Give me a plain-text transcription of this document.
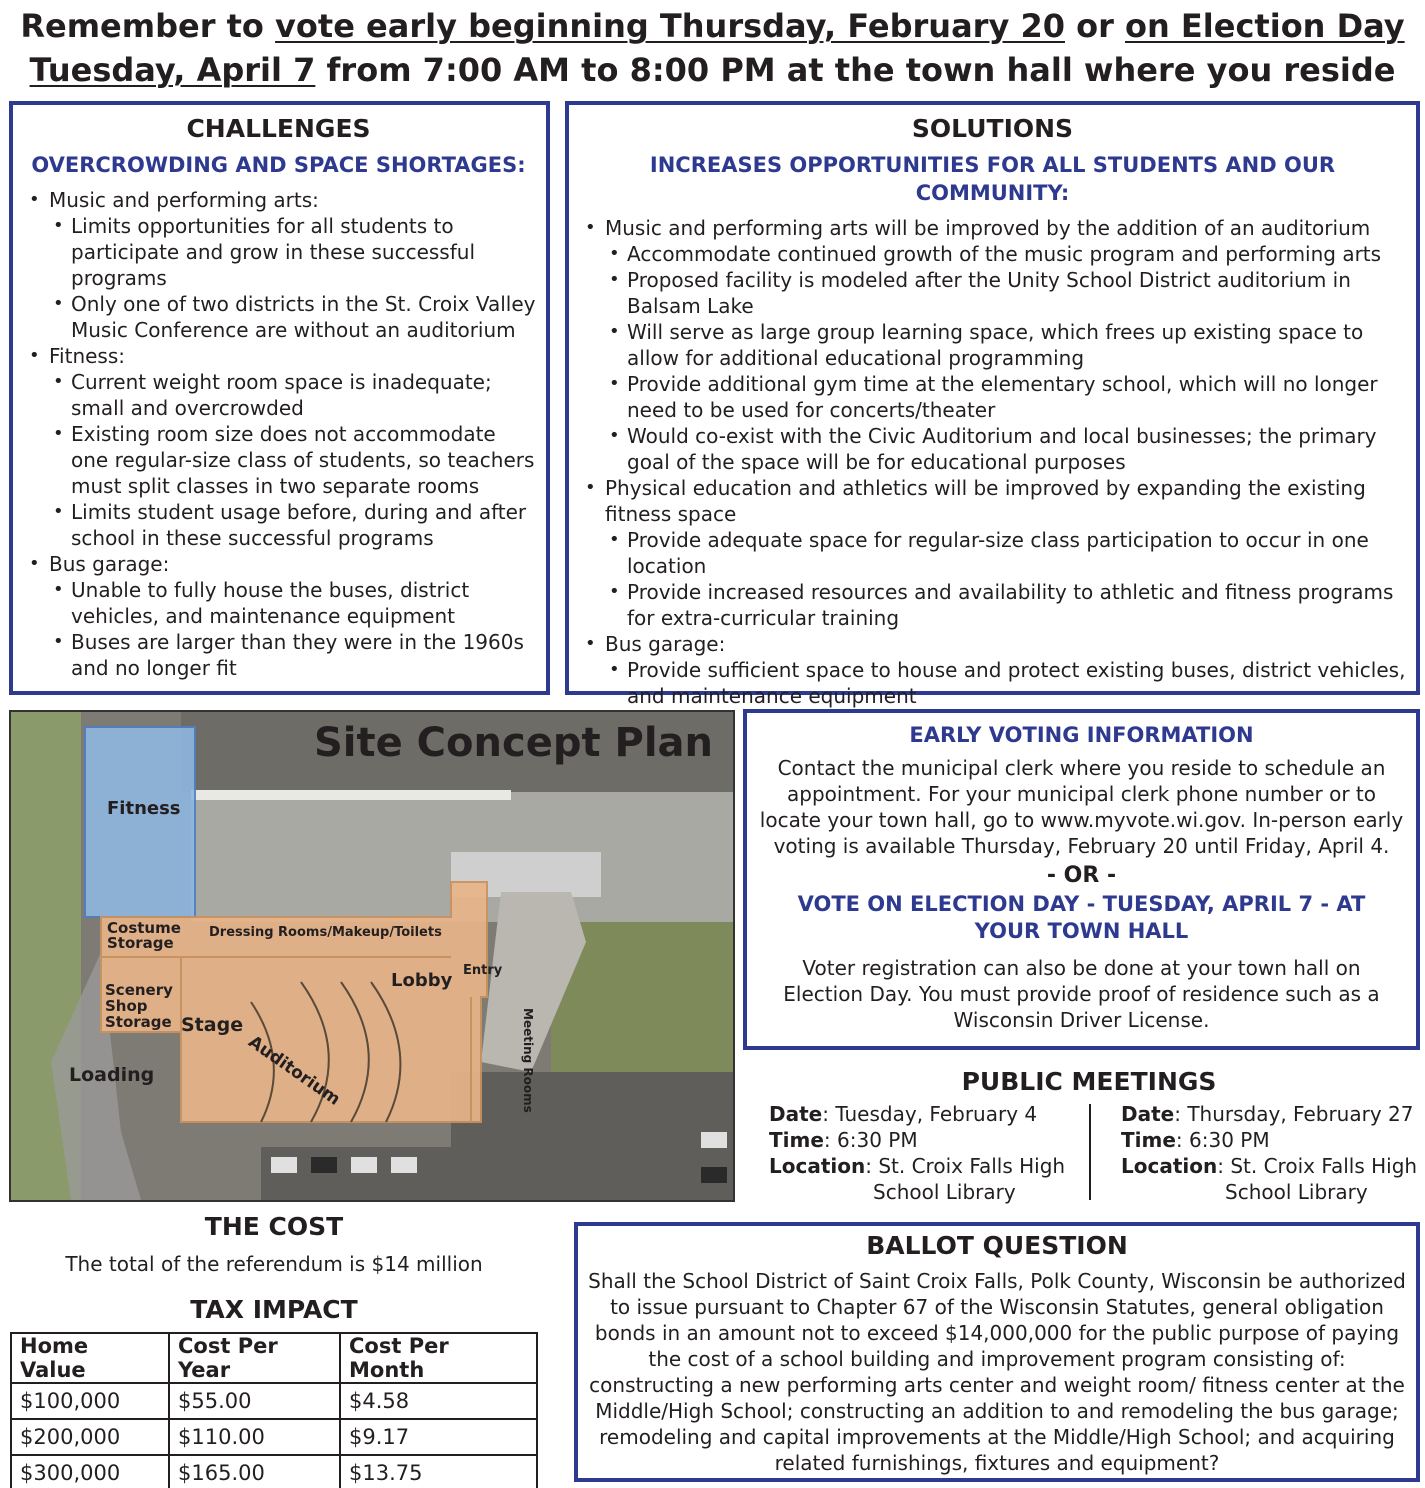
Remember to vote early beginning Thursday, February 20 or on Election Day
Tuesday, April 7 from 7:00 AM to 8:00 PM at the town hall where you reside
CHALLENGES
OVERCROWDING AND SPACE SHORTAGES:
• Music and performing arts:
• Limits opportunities for all students to participate and grow in these successful programs
• Only one of two districts in the St. Croix Valley Music Conference are without an auditorium
• Fitness:
• Current weight room space is inadequate; small and overcrowded
• Existing room size does not accommodate one regular-size class of students, so teachers must split classes in two separate rooms
• Limits student usage before, during and after school in these successful programs
• Bus garage:
• Unable to fully house the buses, district vehicles, and maintenance equipment
• Buses are larger than they were in the 1960s and no longer fit
SOLUTIONS
INCREASES OPPORTUNITIES FOR ALL STUDENTS AND OUR COMMUNITY:
• Music and performing arts will be improved by the addition of an auditorium
• Accommodate continued growth of the music program and performing arts
• Proposed facility is modeled after the Unity School District auditorium in Balsam Lake
• Will serve as large group learning space, which frees up existing space to allow for additional educational programming
• Provide additional gym time at the elementary school, which will no longer need to be used for concerts/theater
• Would co-exist with the Civic Auditorium and local businesses; the primary goal of the space will be for educational purposes
• Physical education and athletics will be improved by expanding the existing fitness space
• Provide adequate space for regular-size class participation to occur in one location
• Provide increased resources and availability to athletic and fitness programs for extra-curricular training
• Bus garage:
• Provide sufficient space to house and protect existing buses, district vehicles, and maintenance equipment
Site Concept Plan
Fitness
Costume
Storage
Dressing Rooms/Makeup/Toilets
Lobby Entry
Scenery
Shop
Storage Stage
Auditorium	Meeting Rooms
Loading
THE COST
The total of the referendum is $14 million
TAX IMPACT
Home Value	Cost Per Year	Cost Per Month
$100,000	$55.00	$4.58
$200,000	$110.00	$9.17
$300,000	$165.00	$13.75
EARLY VOTING INFORMATION

Contact the municipal clerk where you reside to schedule an appointment. For your municipal clerk phone number or to locate your town hall, go to www.myvote.wi.gov. In-person early voting is available Thursday, February 20 until Friday, April 4.

- OR -
VOTE ON ELECTION DAY - TUESDAY, APRIL 7 - AT YOUR TOWN HALL

Voter registration can also be done at your town hall on Election Day. You must provide proof of residence such as a Wisconsin Driver License.

PUBLIC MEETINGS
Date: Tuesday, February 4
Time: 6:30 PM
Location: St. Croix Falls High
School Library
Date: Thursday, February 27
Time: 6:30 PM
Location: St. Croix Falls High
School Library
BALLOT QUESTION

Shall the School District of Saint Croix Falls, Polk County, Wisconsin be authorized to issue pursuant to Chapter 67 of the Wisconsin Statutes, general obligation bonds in an amount not to exceed $14,000,000 for the public purpose of paying the cost of a school building and improvement program consisting of: constructing a new performing arts center and weight room/ fitness center at the Middle/High School; constructing an addition to and remodeling the bus garage; remodeling and capital improvements at the Middle/High School; and acquiring related furnishings, fixtures and equipment?
